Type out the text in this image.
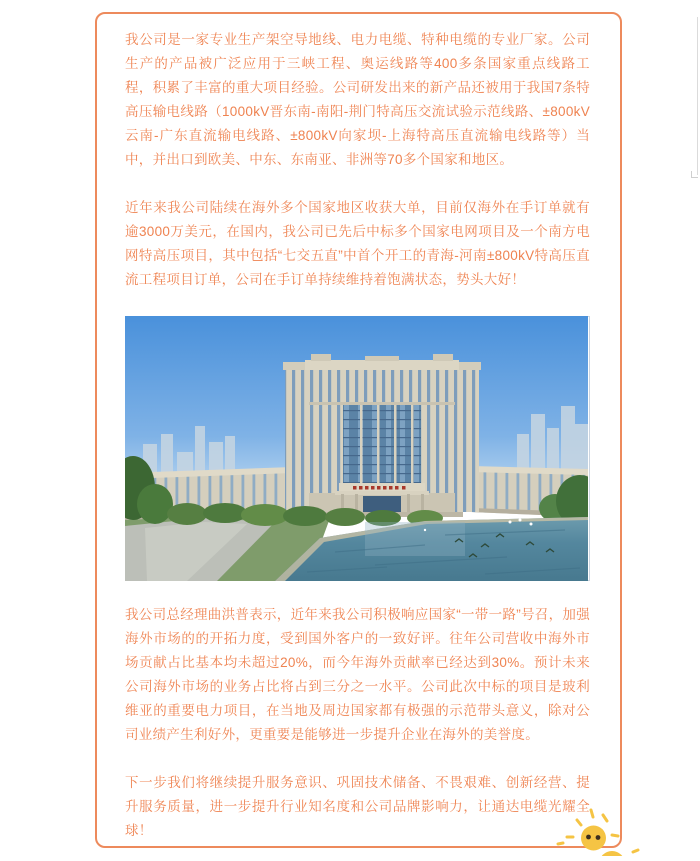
我公司是一家专业生产架空导地线、电力电缆、特种电缆的专业厂家。公司生产的产品被广泛应用于三峡工程、奥运线路等400多条国家重点线路工程，积累了丰富的重大项目经验。公司研发出来的新产品还被用于我国7条特高压输电线路（1000kV晋东南-南阳-荆门特高压交流试验示范线路、±800kV云南-广东直流输电线路、±800kV向家坝-上海特高压直流输电线路等）当中，并出口到欧美、中东、东南亚、非洲等70多个国家和地区。

近年来我公司陆续在海外多个国家地区收获大单，目前仅海外在手订单就有逾3000万美元，在国内，我公司已先后中标多个国家电网项目及一个南方电网特高压项目，其中包括“七交五直”中首个开工的青海-河南±800kV特高压直流工程项目订单，公司在手订单持续维持着饱满状态，势头大好！

我公司总经理曲洪普表示，近年来我公司积极响应国家“一带一路”号召，加强海外市场的的开拓力度，受到国外客户的一致好评。往年公司营收中海外市场贡献占比基本均未超过20%，而今年海外贡献率已经达到30%。预计未来公司海外市场的业务占比将占到三分之一水平。公司此次中标的项目是玻利维亚的重要电力项目，在当地及周边国家都有极强的示范带头意义，除对公司业绩产生利好外，更重要是能够进一步提升企业在海外的美誉度。

下一步我们将继续提升服务意识、巩固技术储备、不畏艰难、创新经营、提升服务质量，进一步提升行业知名度和公司品牌影响力，让通达电缆光耀全球！
